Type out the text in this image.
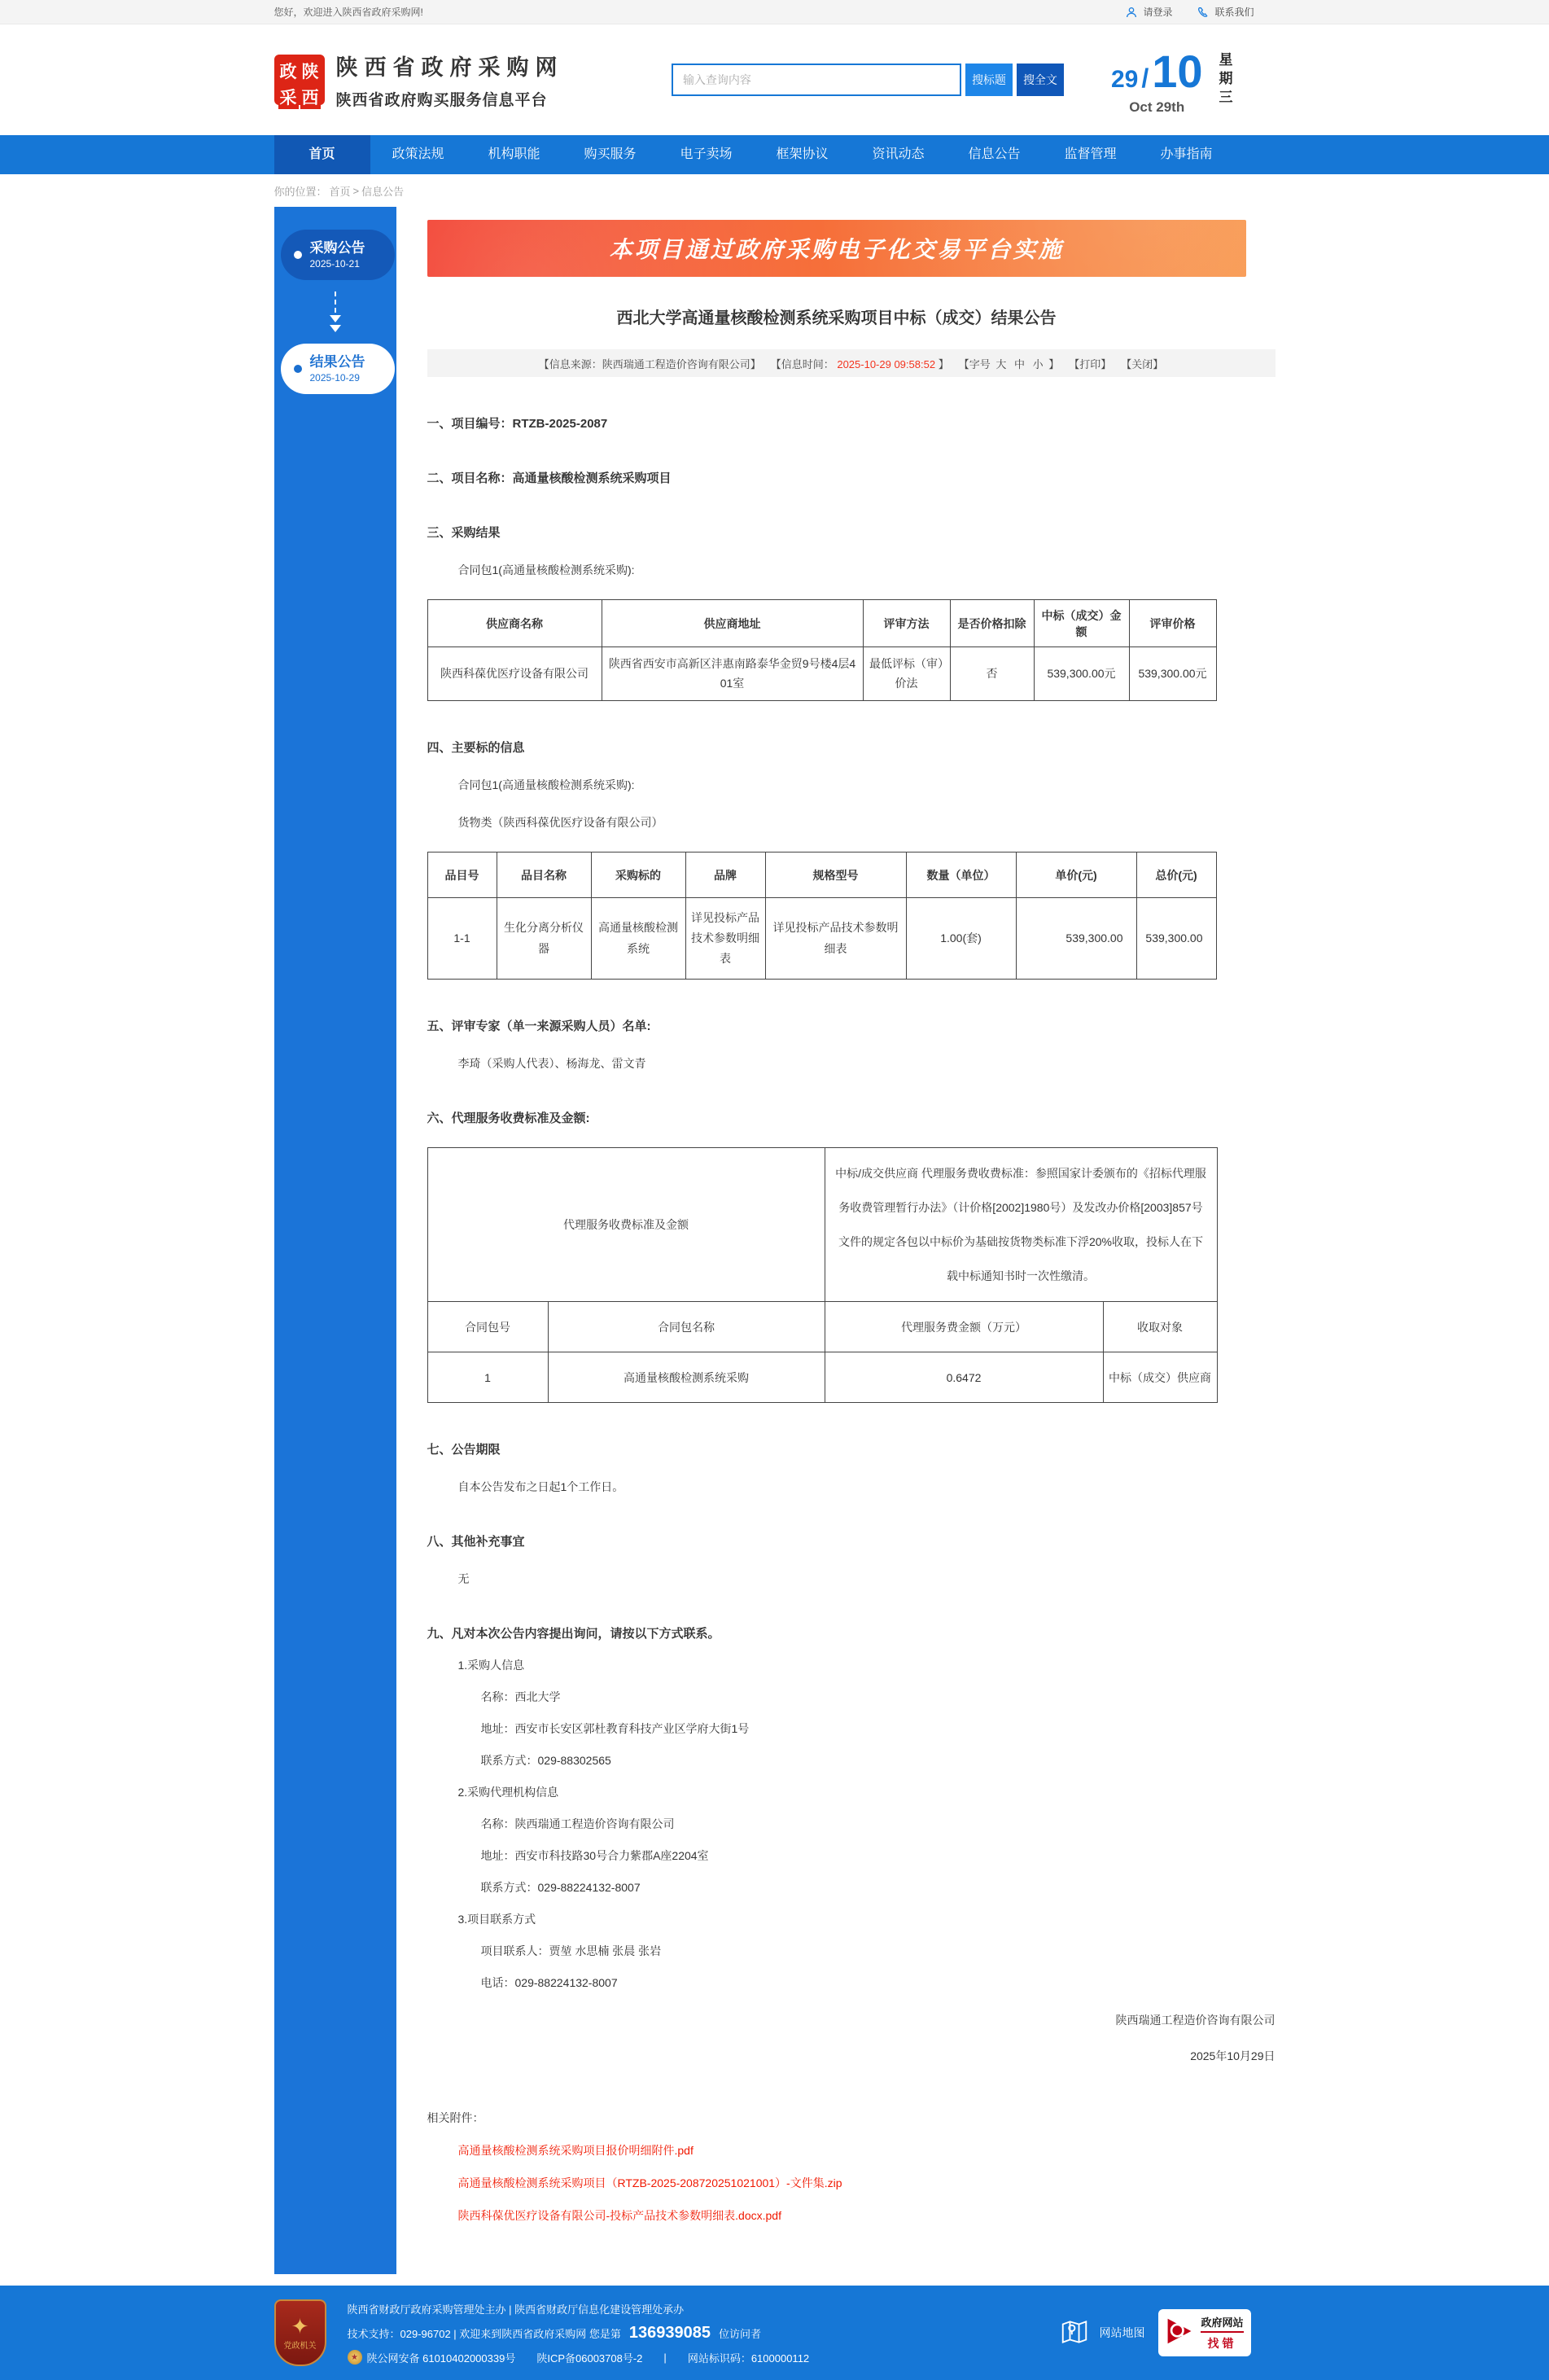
您好，欢迎进入陕西省政府采购网!	请登录	联系我们
政 陕
采 西
陕西省政府采购网
陕西省政府购买服务信息平台
输入查询内容
搜标题	搜全文 29 / 10
Oct 29th	星期三
首页	政策法规	机构职能	购买服务	电子卖场	框架协议	资讯动态	信息公告	监督管理	办事指南
你的位置： 首页 > 信息公告
采购公告
2025-10-21
结果公告
2025-10-29
本项目通过政府采购电子化交易平台实施
西北大学高通量核酸检测系统采购项目中标（成交）结果公告
【信息来源：陕西瑞通工程造价咨询有限公司】 【信息时间： 2025-10-29 09:58:52 】 【字号 大 中 小 】 【打印】 【关闭】
一、项目编号：RTZB-2025-2087
二、项目名称：高通量核酸检测系统采购项目
三、采购结果
合同包1(高通量核酸检测系统采购):
供应商名称	供应商地址	评审方法	是否价格扣除	中标（成交）金额	评审价格
陕西科葆优医疗设备有限公司	陕西省西安市高新区沣惠南路泰华金贸9号楼4层401室	最低评标（审）价法	否	539,300.00元	539,300.00元
四、主要标的信息
合同包1(高通量核酸检测系统采购):
货物类（陕西科葆优医疗设备有限公司）
品目号	品目名称	采购标的	品牌	规格型号	数量（单位）	单价(元)	总价(元)
1-1	生化分离分析仪器	高通量核酸检测系统	详见投标产品技术参数明细表	详见投标产品技术参数明细表	1.00(套)	539,300.00	539,300.00
五、评审专家（单一来源采购人员）名单:
李琦（采购人代表）、杨海龙、雷文青
六、代理服务收费标准及金额:
代理服务收费标准及金额		中标/成交供应商 代理服务费收费标准：参照国家计委颁布的《招标代理服务收费管理暂行办法》（计价格[2002]1980号）及发改办价格[2003]857号文件的规定各包以中标价为基础按货物类标准下浮20%收取，投标人在下载中标通知书时一次性缴清。	
合同包号	合同包名称	代理服务费金额（万元）	收取对象
1	高通量核酸检测系统采购	0.6472	中标（成交）供应商
七、公告期限
自本公告发布之日起1个工作日。
八、其他补充事宜
无
九、凡对本次公告内容提出询问，请按以下方式联系。
1.采购人信息
名称：西北大学
地址：西安市长安区郭杜教育科技产业区学府大街1号
联系方式：029-88302565
2.采购代理机构信息
名称：陕西瑞通工程造价咨询有限公司
地址：西安市科技路30号合力紫郡A座2204室
联系方式：029-88224132-8007
3.项目联系方式
项目联系人：贾堃 水思楠 张晨 张岩
电话：029-88224132-8007
陕西瑞通工程造价咨询有限公司
2025年10月29日
相关附件：
高通量核酸检测系统采购项目报价明细附件.pdf
高通量核酸检测系统采购项目（RTZB-2025-208720251021001）-文件集.zip
陕西科葆优医疗设备有限公司-投标产品技术参数明细表.docx.pdf
✦
党政机关
陕西省财政厅政府采购管理处主办 | 陕西省财政厅信息化建设管理处承办
技术支持：029-96702 | 欢迎来到陕西省政府采购网 您是第 136939085 位访问者
★ 陕公网安备 61010402000339号 陕ICP备06003708号-2 | 网站标识码：6100000112
网站地图
政府网站
找错
